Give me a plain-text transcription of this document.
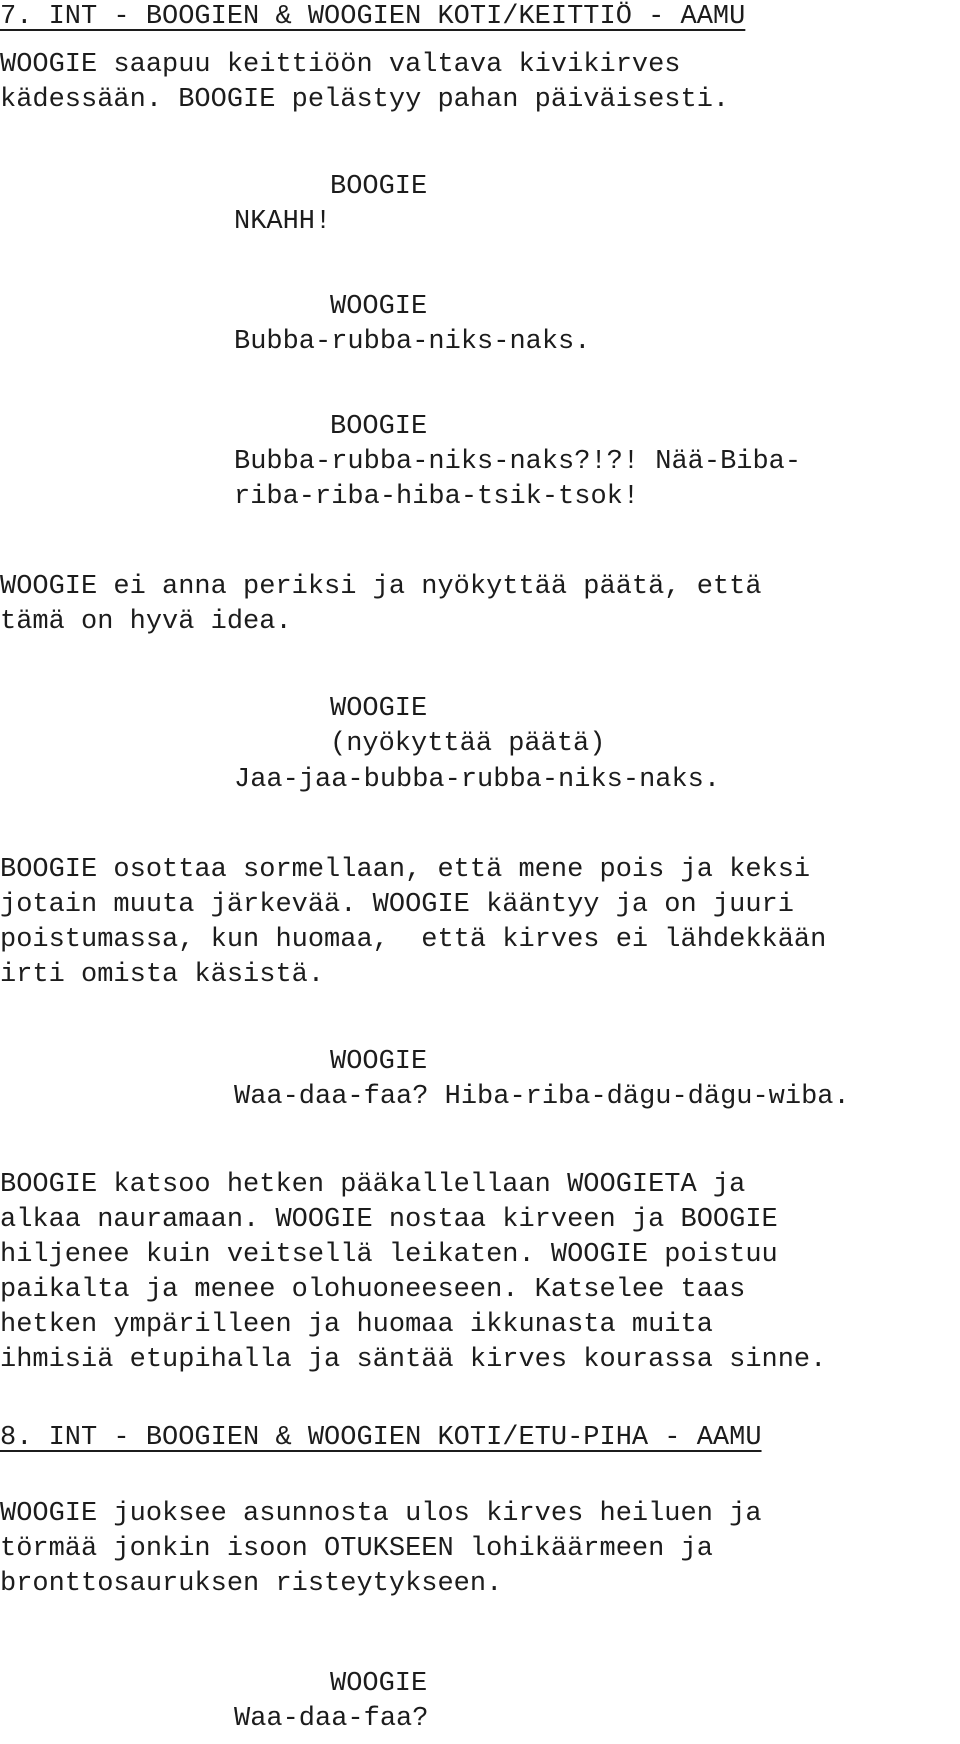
7. INT - BOOGIEN & WOOGIEN KOTI/KEITTIÖ - AAMU
WOOGIE saapuu keittiöön valtava kivikirves
kädessään. BOOGIE pelästyy pahan päiväisesti.
BOOGIE
NKAHH!
WOOGIE
Bubba-rubba-niks-naks.
BOOGIE
Bubba-rubba-niks-naks?!?! Nää-Biba-
riba-riba-hiba-tsik-tsok!
WOOGIE ei anna periksi ja nyökyttää päätä, että
tämä on hyvä idea.
WOOGIE
(nyökyttää päätä)
Jaa-jaa-bubba-rubba-niks-naks.
BOOGIE osottaa sormellaan, että mene pois ja keksi
jotain muuta järkevää. WOOGIE kääntyy ja on juuri
poistumassa, kun huomaa,  että kirves ei lähdekkään
irti omista käsistä.
WOOGIE
Waa-daa-faa? Hiba-riba-dägu-dägu-wiba.
BOOGIE katsoo hetken pääkallellaan WOOGIETA ja
alkaa nauramaan. WOOGIE nostaa kirveen ja BOOGIE
hiljenee kuin veitsellä leikaten. WOOGIE poistuu
paikalta ja menee olohuoneeseen. Katselee taas
hetken ympärilleen ja huomaa ikkunasta muita
ihmisiä etupihalla ja säntää kirves kourassa sinne.
8. INT - BOOGIEN & WOOGIEN KOTI/ETU-PIHA - AAMU
WOOGIE juoksee asunnosta ulos kirves heiluen ja
törmää jonkin isoon OTUKSEEN lohikäärmeen ja
bronttosauruksen risteytykseen.
WOOGIE
Waa-daa-faa?
